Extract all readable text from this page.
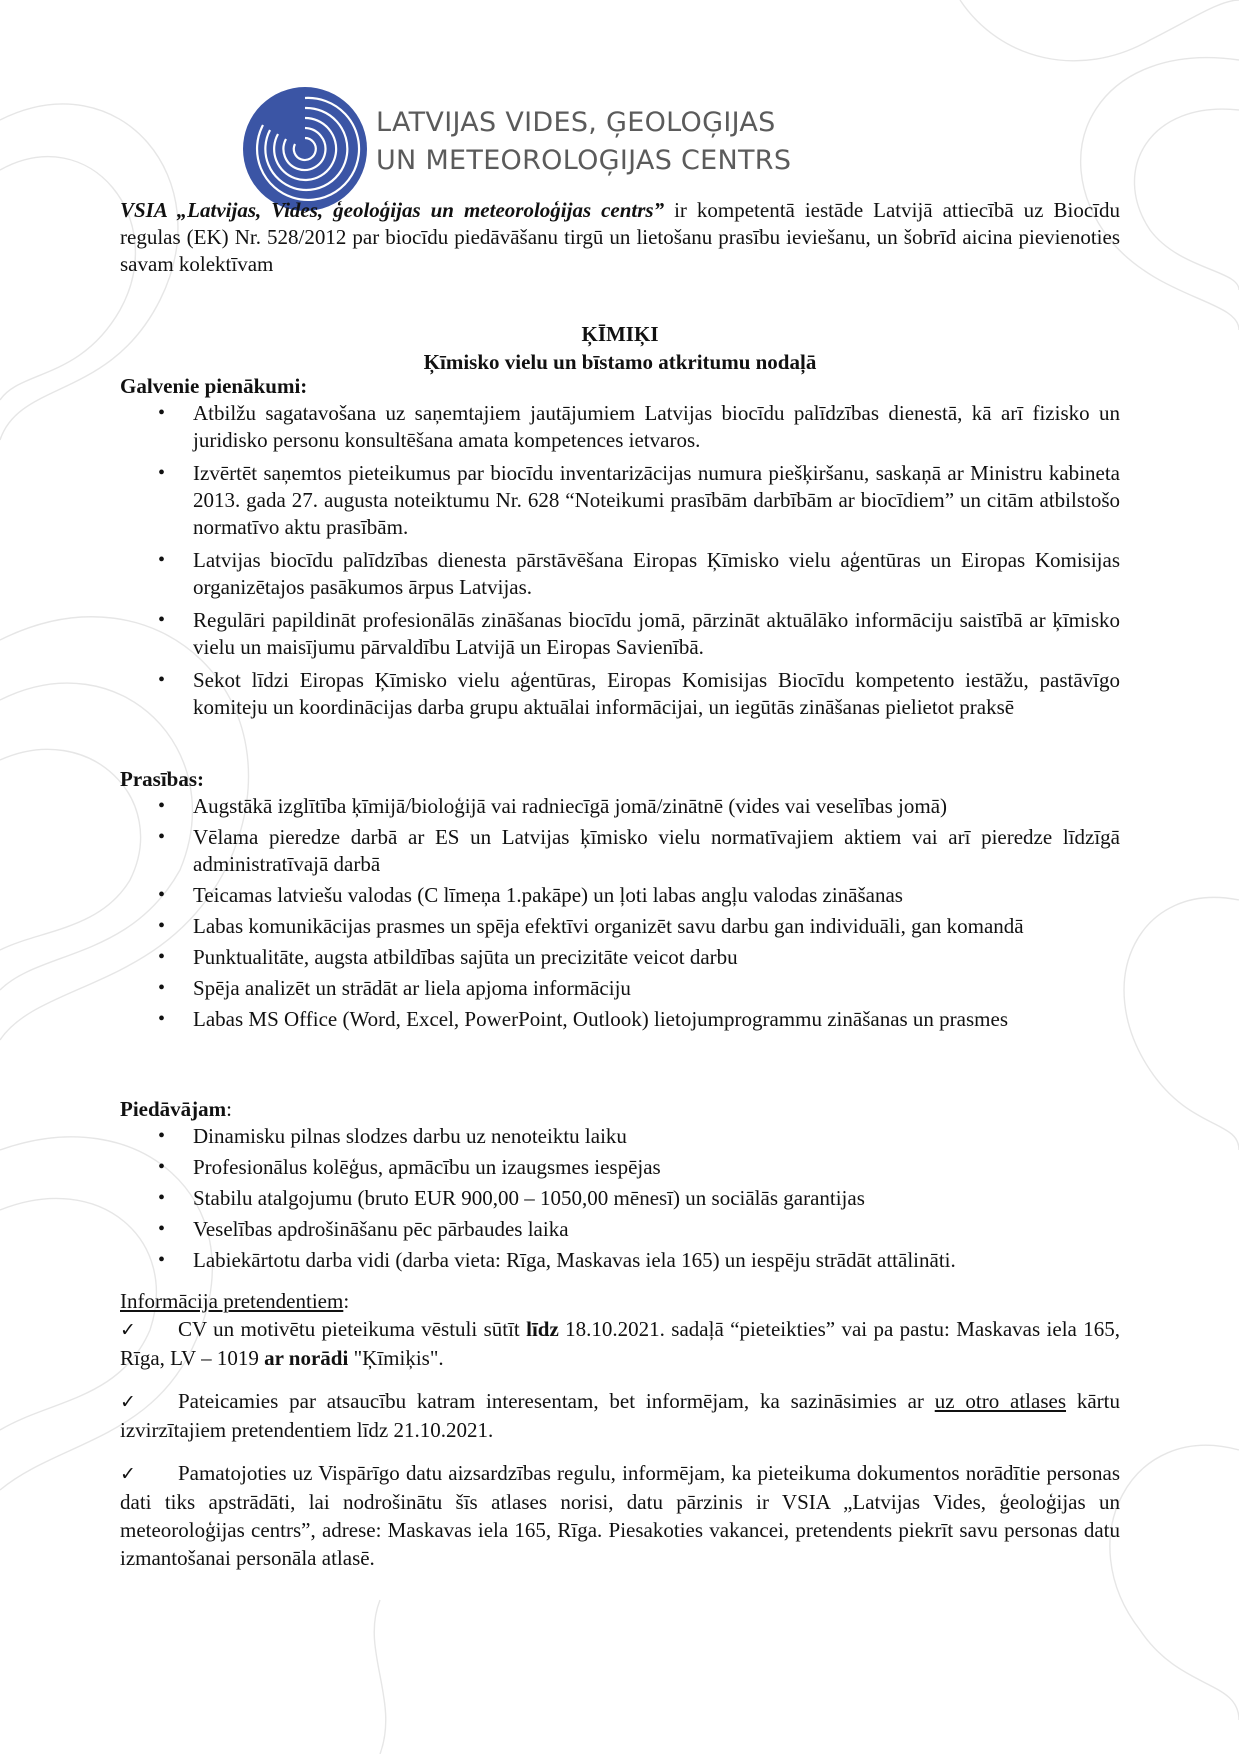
LATVIJAS VIDES, ĢEOLOĢIJAS
UN METEOROLOĢIJAS CENTRS

VSIA „Latvijas, Vides, ģeoloģijas un meteoroloģijas centrs” ir kompetentā iestāde Latvijā attiecībā uz Biocīdu regulas (EK) Nr. 528/2012 par biocīdu piedāvāšanu tirgū un lietošanu prasību ieviešanu, un šobrīd aicina pievienoties savam kolektīvam

ĶĪMIĶI
Ķīmisko vielu un bīstamo atkritumu nodaļā
Galvenie pienākumi:
• Atbilžu sagatavošana uz saņemtajiem jautājumiem Latvijas biocīdu palīdzības dienestā, kā arī fizisko un juridisko personu konsultēšana amata kompetences ietvaros.
• Izvērtēt saņemtos pieteikumus par biocīdu inventarizācijas numura piešķiršanu, saskaņā ar Ministru kabineta 2013. gada 27. augusta noteiktumu Nr. 628 “Noteikumi prasībām darbībām ar biocīdiem” un citām atbilstošo normatīvo aktu prasībām.
• Latvijas biocīdu palīdzības dienesta pārstāvēšana Eiropas Ķīmisko vielu aģentūras un Eiropas Komisijas organizētajos pasākumos ārpus Latvijas.
• Regulāri papildināt profesionālās zināšanas biocīdu jomā, pārzināt aktuālāko informāciju saistībā ar ķīmisko vielu un maisījumu pārvaldību Latvijā un Eiropas Savienībā.
• Sekot līdzi Eiropas Ķīmisko vielu aģentūras, Eiropas Komisijas Biocīdu kompetento iestāžu, pastāvīgo komiteju un koordinācijas darba grupu aktuālai informācijai, un iegūtās zināšanas pielietot praksē
Prasības:
• Augstākā izglītība ķīmijā/bioloģijā vai radniecīgā jomā/zinātnē (vides vai veselības jomā)
• Vēlama pieredze darbā ar ES un Latvijas ķīmisko vielu normatīvajiem aktiem vai arī pieredze līdzīgā administratīvajā darbā
• Teicamas latviešu valodas (C līmeņa 1.pakāpe) un ļoti labas angļu valodas zināšanas
• Labas komunikācijas prasmes un spēja efektīvi organizēt savu darbu gan individuāli, gan komandā
• Punktualitāte, augsta atbildības sajūta un precizitāte veicot darbu
• Spēja analizēt un strādāt ar liela apjoma informāciju
• Labas MS Office (Word, Excel, PowerPoint, Outlook) lietojumprogrammu zināšanas un prasmes
Piedāvājam:
• Dinamisku pilnas slodzes darbu uz nenoteiktu laiku
• Profesionālus kolēģus, apmācību un izaugsmes iespējas
• Stabilu atalgojumu (bruto EUR 900,00 – 1050,00 mēnesī) un sociālās garantijas
• Veselības apdrošināšanu pēc pārbaudes laika
• Labiekārtotu darba vidi (darba vieta: Rīga, Maskavas iela 165) un iespēju strādāt attālināti.
Informācija pretendentiem:

✓ CV un motivētu pieteikuma vēstuli sūtīt līdz 18.10.2021. sadaļā “pieteikties” vai pa pastu: Maskavas iela 165, Rīga, LV – 1019 ar norādi "Ķīmiķis".

✓ Pateicamies par atsaucību katram interesentam, bet informējam, ka sazināsimies ar uz otro atlases kārtu izvirzītajiem pretendentiem līdz 21.10.2021.

✓ Pamatojoties uz Vispārīgo datu aizsardzības regulu, informējam, ka pieteikuma dokumentos norādītie personas dati tiks apstrādāti, lai nodrošinātu šīs atlases norisi, datu pārzinis ir VSIA „Latvijas Vides, ģeoloģijas un meteoroloģijas centrs”, adrese: Maskavas iela 165, Rīga. Piesakoties vakancei, pretendents piekrīt savu personas datu izmantošanai personāla atlasē.
